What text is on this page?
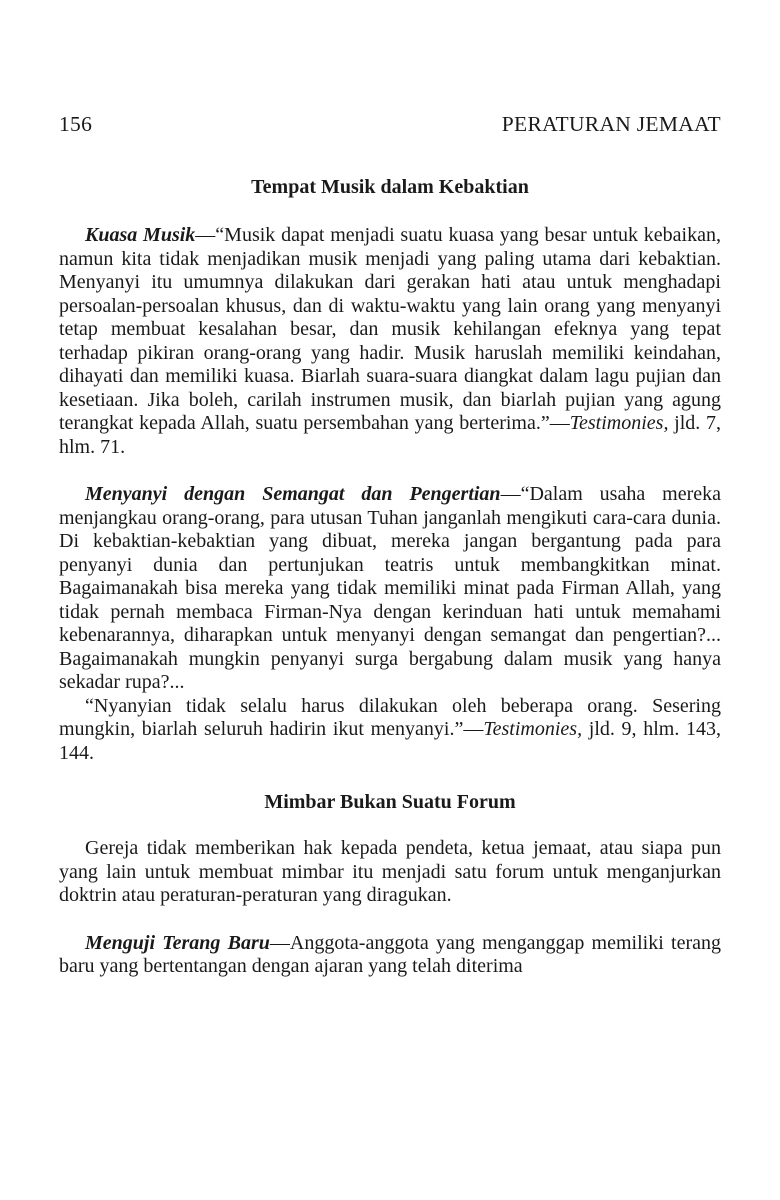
156	PERATURAN JEMAAT
Tempat Musik dalam Kebaktian

Kuasa Musik—“Musik dapat menjadi suatu kuasa yang besar untuk kebaikan, namun kita tidak menjadikan musik menjadi yang paling utama dari kebaktian. Menyanyi itu umumnya dilakukan dari gerakan hati atau untuk menghadapi persoalan-persoalan khusus, dan di waktu-waktu yang lain orang yang menyanyi tetap membuat kesalahan besar, dan musik kehilangan efeknya yang tepat terhadap pikiran orang-orang yang hadir. Musik haruslah memiliki keindahan, dihayati dan memiliki kuasa. Biarlah suara-suara diangkat dalam lagu pujian dan kesetiaan. Jika boleh, carilah instrumen musik, dan biarlah pujian yang agung terangkat kepada Allah, suatu persembahan yang berterima.”—Testimonies, jld. 7, hlm. 71.

Menyanyi dengan Semangat dan Pengertian—“Dalam usaha mereka menjangkau orang-orang, para utusan Tuhan janganlah mengikuti cara-cara dunia. Di kebaktian-kebaktian yang dibuat, mereka jangan bergantung pada para penyanyi dunia dan pertunjukan teatris untuk membangkitkan minat. Bagaimanakah bisa mereka yang tidak memiliki minat pada Firman Allah, yang tidak pernah membaca Firman-Nya dengan kerinduan hati untuk memahami kebenarannya, diharapkan untuk menyanyi dengan semangat dan pengertian?... Bagaimanakah mungkin penyanyi surga bergabung dalam musik yang hanya sekadar rupa?...

“Nyanyian tidak selalu harus dilakukan oleh beberapa orang. Sesering mungkin, biarlah seluruh hadirin ikut menyanyi.”—Testimonies, jld. 9, hlm. 143, 144.

Mimbar Bukan Suatu Forum

Gereja tidak memberikan hak kepada pendeta, ketua jemaat, atau siapa pun yang lain untuk membuat mimbar itu menjadi satu forum untuk menganjurkan doktrin atau peraturan-peraturan yang diragukan.

Menguji Terang Baru—Anggota-anggota yang menganggap memiliki terang baru yang bertentangan dengan ajaran yang telah diterima
